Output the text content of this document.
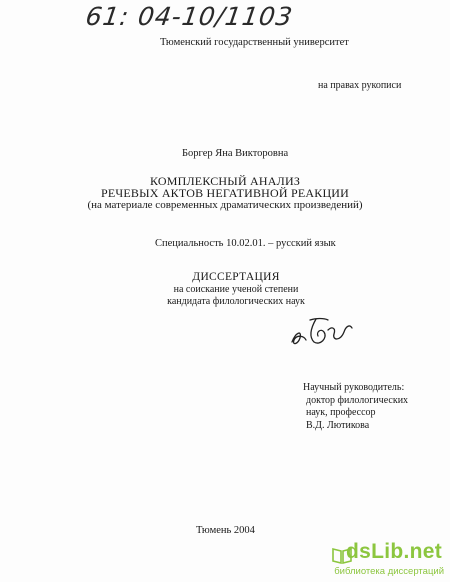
61: 04-10/1103
Тюменский государственный университет
на правах рукописи
Боргер Яна Викторовна
КОМПЛЕКСНЫЙ АНАЛИЗ
РЕЧЕВЫХ АКТОВ НЕГАТИВНОЙ РЕАКЦИИ
(на материале современных драматических произведений)
Специальность 10.02.01. – русский язык
ДИССЕРТАЦИЯ
на соискание ученой степени
кандидата филологических наук
Научный руководитель:
доктор филологических
наук, профессор
В.Д. Лютикова
Тюмень 2004
dsLib.net
библиотека диссертаций
